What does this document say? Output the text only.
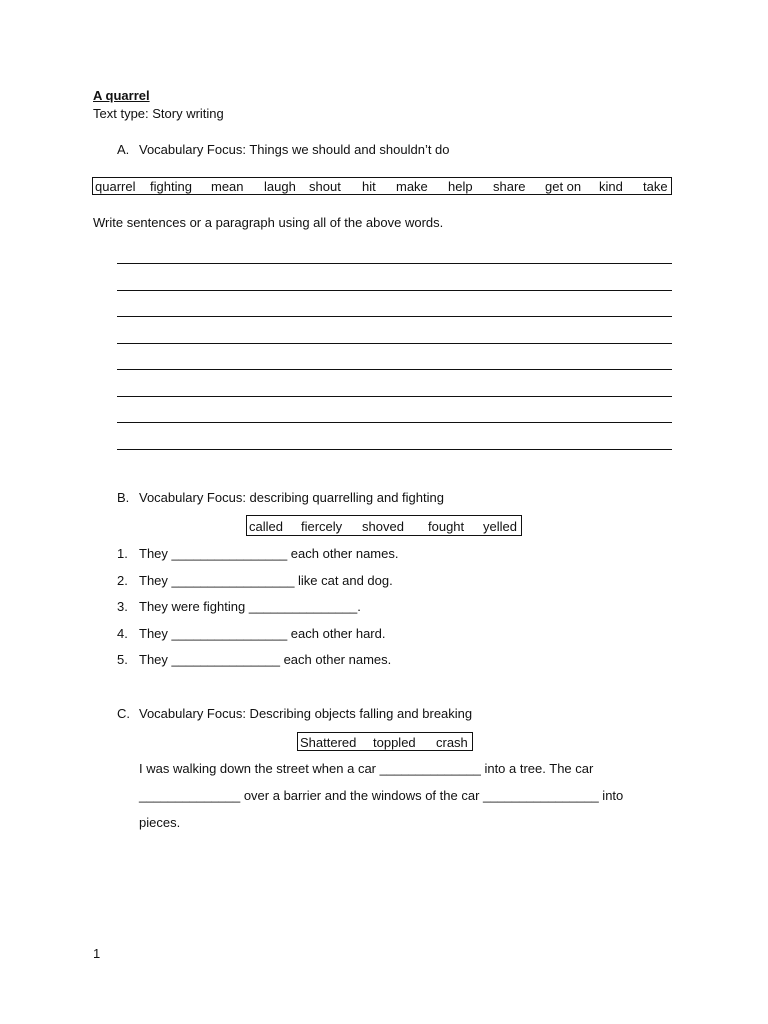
A quarrel
Text type: Story writing
A. Vocabulary Focus: Things we should and shouldn’t do
quarrel fighting mean laugh shout hit make help share get on kind take
Write sentences or a paragraph using all of the above words.
B. Vocabulary Focus: describing quarrelling and fighting
called fiercely shoved fought yelled
1. They ________________ each other names.
2. They _________________ like cat and dog.
3. They were fighting _______________.
4. They ________________ each other hard.
5. They _______________ each other names.
C. Vocabulary Focus: Describing objects falling and breaking
Shattered toppled crash
I was walking down the street when a car ______________ into a tree. The car
______________ over a barrier and the windows of the car ________________ into
pieces.
1
